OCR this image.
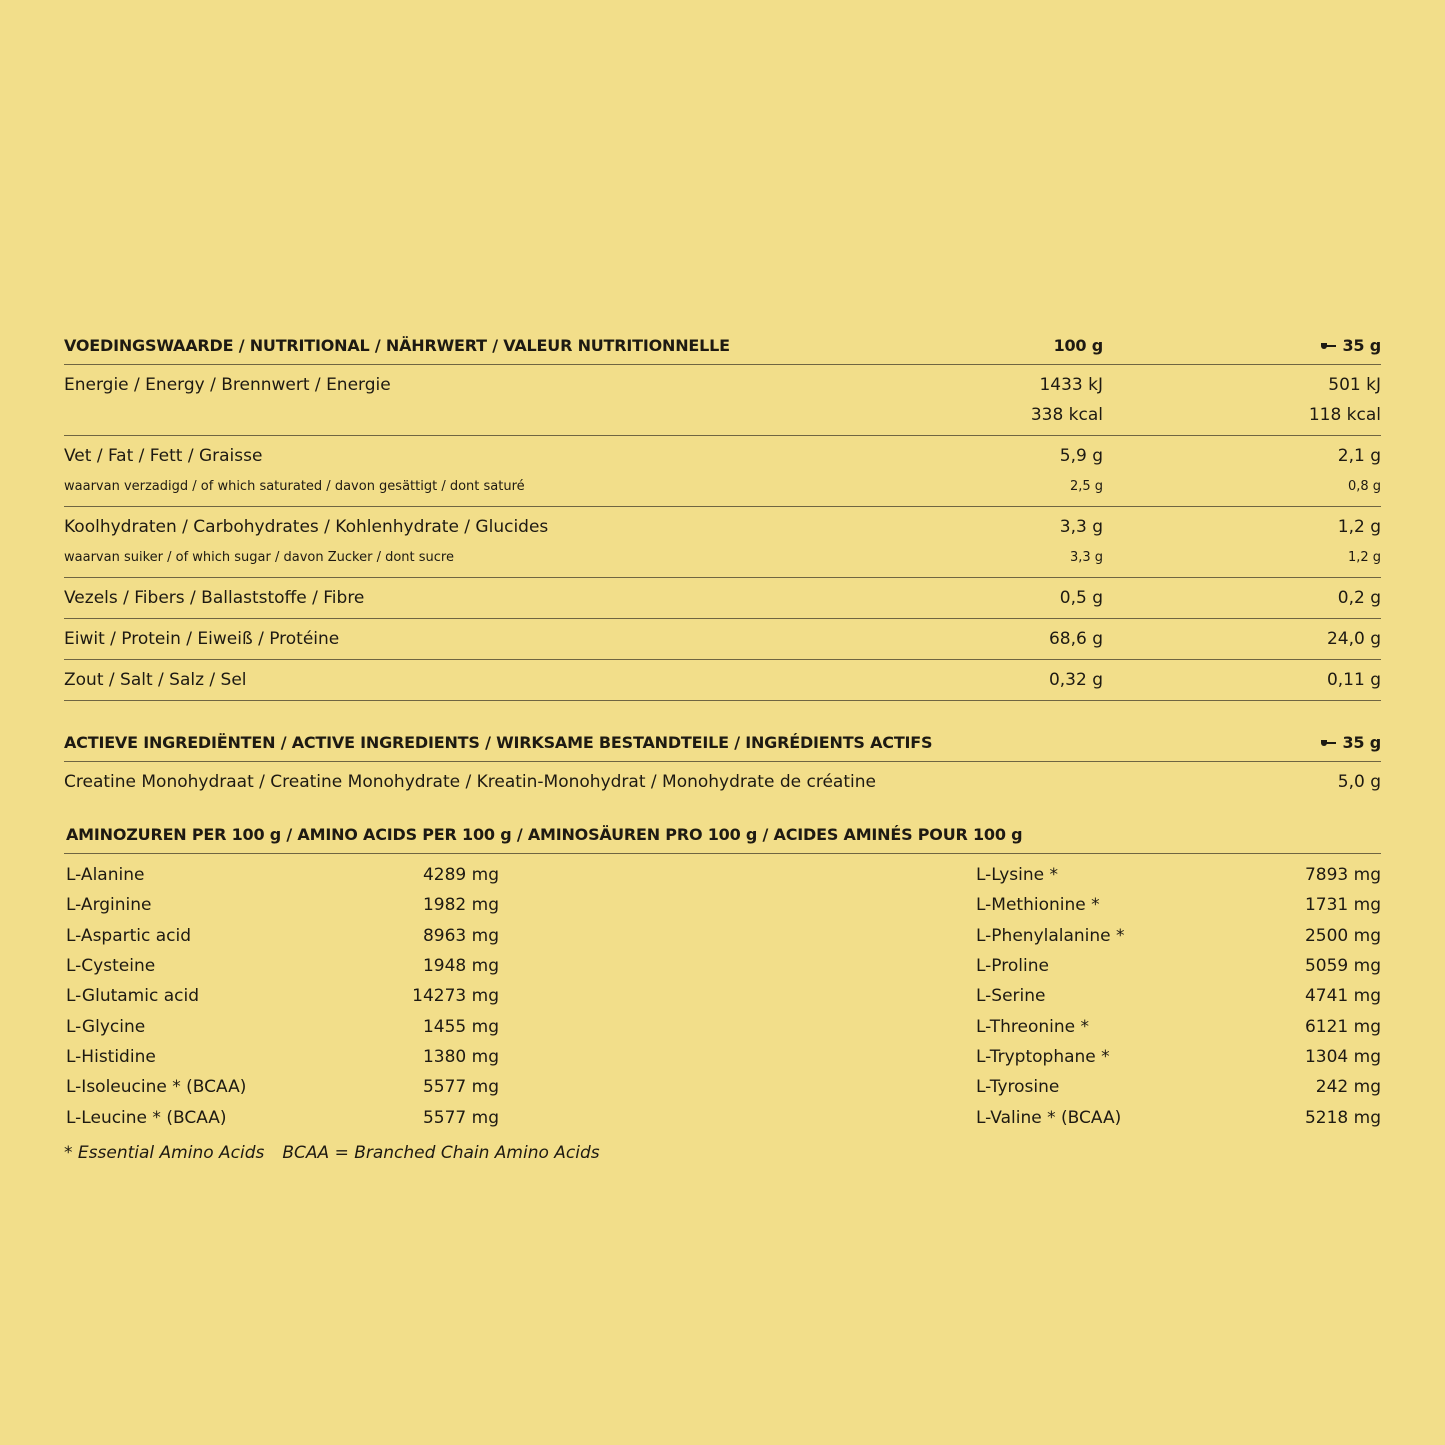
VOEDINGSWAARDE / NUTRITIONAL / NÄHRWERT / VALEUR NUTRITIONNELLE	100 g	35 g
Energie / Energy / Brennwert / Energie	1433 kJ	501 kJ
338 kcal	118 kcal
Vet / Fat / Fett / Graisse	5,9 g	2,1 g
waarvan verzadigd / of which saturated / davon gesättigt / dont saturé	2,5 g	0,8 g
Koolhydraten / Carbohydrates / Kohlenhydrate / Glucides	3,3 g	1,2 g
waarvan suiker / of which sugar / davon Zucker / dont sucre	3,3 g	1,2 g
Vezels / Fibers / Ballaststoffe / Fibre	0,5 g	0,2 g
Eiwit / Protein / Eiweiß / Protéine	68,6 g	24,0 g
Zout / Salt / Salz / Sel	0,32 g	0,11 g
ACTIEVE INGREDIËNTEN / ACTIVE INGREDIENTS / WIRKSAME BESTANDTEILE / INGRÉDIENTS ACTIFS	35 g
Creatine Monohydraat / Creatine Monohydrate / Kreatin-Monohydrat / Monohydrate de créatine	5,0 g
AMINOZUREN PER 100 g / AMINO ACIDS PER 100 g / AMINOSÄUREN PRO 100 g / ACIDES AMINÉS POUR 100 g
L-Alanine	4289 mg
L-Arginine	1982 mg
L-Aspartic acid	8963 mg
L-Cysteine	1948 mg
L-Glutamic acid	14273 mg
L-Glycine	1455 mg
L-Histidine	1380 mg
L-Isoleucine * (BCAA)	5577 mg
L-Leucine * (BCAA)	5577 mg
L-Lysine *	7893 mg
L-Methionine *	1731 mg
L-Phenylalanine *	2500 mg
L-Proline	5059 mg
L-Serine	4741 mg
L-Threonine *	6121 mg
L-Tryptophane *	1304 mg
L-Tyrosine	242 mg
L-Valine * (BCAA)	5218 mg
* Essential Amino Acids BCAA = Branched Chain Amino Acids
